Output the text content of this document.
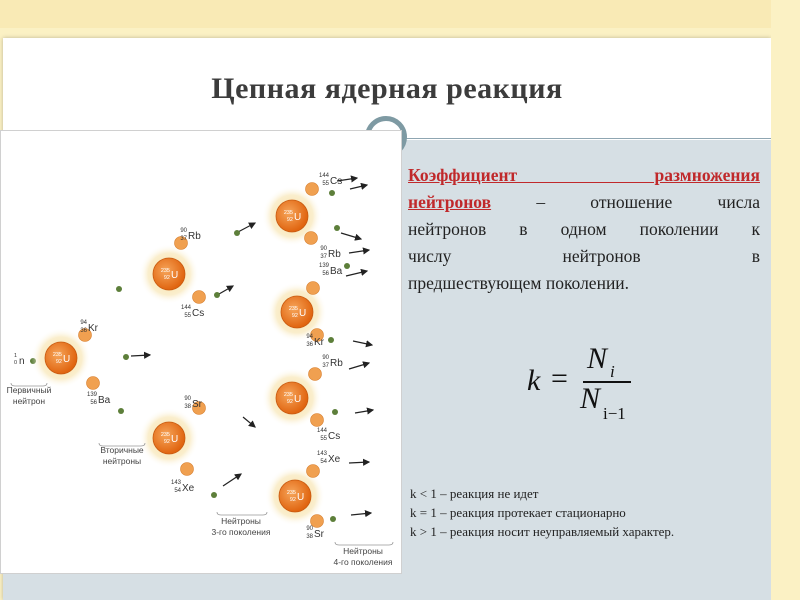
Цепная ядерная реакция
1
0 n
235
92 U
94
36 Kr
139
56 Ba
235
92 U
90
37 Rb
144
55 Cs
235
92 U
90
38 Sr
143
54 Xe
235
92 U
144
55 Cs
90
37 Rb
235
92 U
139
56 Ba
94
36 Kr
235
92 U
90
37 Rb
144
55 Cs
235
92 U
143
54 Xe
90
38 Sr
Первичный
нейтрон
Вторичные
нейтроны
Нейтроны
3-го поколения
Нейтроны
4-го поколения
Коэффициент размножения
нейтронов – отношение числа
нейтронов в одном поколении к
числу нейтронов в
предшествующем поколении.
k =
N i
N i−1
k < 1 – реакция не идет
k = 1 – реакция протекает стационарно
k > 1 – реакция носит неуправляемый характер.
